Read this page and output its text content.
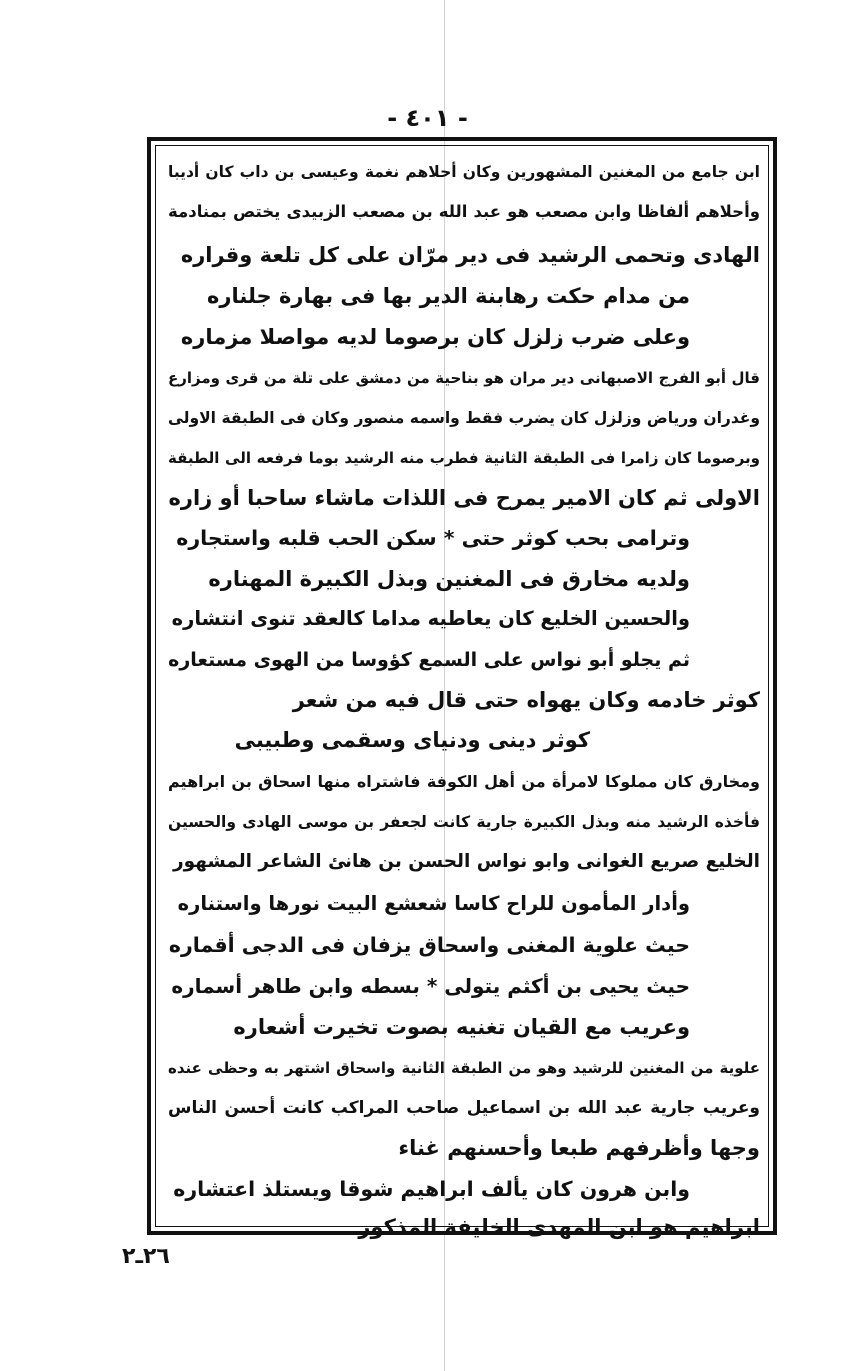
- ٤٠١ -
ابن جامع من المغنين المشهورين وكان أحلاهم نغمة وعيسى بن داب كان أديبا
وأحلاهم ألفاظا وابن مصعب هو عبد الله بن مصعب الزبيدى يختص بمنادمة
الهادى وتحمى الرشيد فى دير مرّان على كل تلعة وقراره
من مدام حكت رهابنة الدير بها فى بهارة جلناره
وعلى ضرب زلزل كان برصوما لديه مواصلا مزماره
قال أبو الفرج الاصبهانى دير مران هو بناحية من دمشق على تلة من قرى ومزارع
وغدران ورياض وزلزل كان يضرب فقط واسمه منصور وكان فى الطبقة الاولى
وبرصوما كان زامرا فى الطبقة الثانية فطرب منه الرشيد بوما فرفعه الى الطبقة
الاولى ثم كان الامير يمرح فى اللذات ماشاء ساحبا أو زاره
وترامى بحب كوثر حتى * سكن الحب قلبه واستجاره
ولديه مخارق فى المغنين وبذل الكبيرة المهناره
والحسين الخليع كان يعاطيه مداما كالعقد تنوى انتشاره
ثم يجلو أبو نواس على السمع كؤوسا من الهوى مستعاره
كوثر خادمه وكان يهواه حتى قال فيه من شعر
كوثر دينى ودنياى وسقمى وطبيبى
ومخارق كان مملوكا لامرأة من أهل الكوفة فاشتراه منها اسحاق بن ابراهيم
فأخذه الرشيد منه وبذل الكبيرة جارية كانت لجعفر بن موسى الهادى والحسين
الخليع صريع الغوانى وابو نواس الحسن بن هانئ الشاعر المشهور
وأدار المأمون للراح كاسا شعشع البيت نورها واستناره
حيث علوية المغنى واسحاق يزفان فى الدجى أقماره
حيث يحيى بن أكثم يتولى * بسطه وابن طاهر أسماره
وعريب مع القيان تغنيه بصوت تخيرت أشعاره
علوية من المغنين للرشيد وهو من الطبقة الثانية واسحاق اشتهر به وحظى عنده
وعريب جارية عبد الله بن اسماعيل صاحب المراكب كانت أحسن الناس
وجها وأظرفهم طبعا وأحسنهم غناء
وابن هرون كان يألف ابراهيم شوقا ويستلذ اعتشاره
ابراهيم هو ابن المهدى الخليفة المذكور
٢٦ـ٢
